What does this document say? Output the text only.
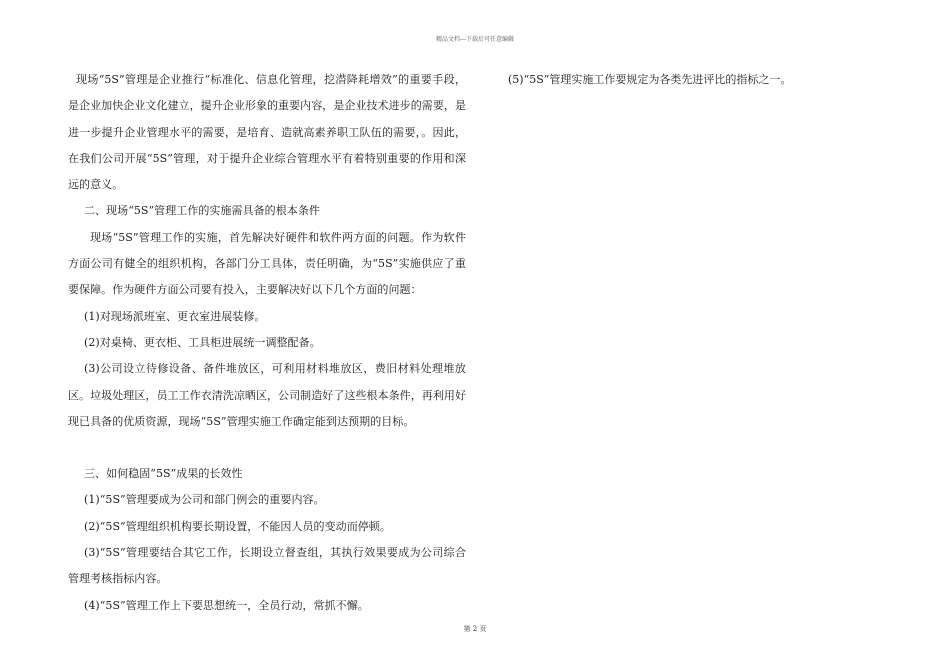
精品文档---下载后可任意编辑

现场“5S”管理是企业推行“标准化、信息化管理，挖潜降耗增效”的重要手段，是企业加快企业文化建立，提升企业形象的重要内容，是企业技术进步的需要，是进一步提升企业管理水平的需要，是培育、造就高素养职工队伍的需要，。因此，在我们公司开展“5S”管理，对于提升企业综合管理水平有着特别重要的作用和深远的意义。

二、现场“5S”管理工作的实施需具备的根本条件

现场“5S”管理工作的实施，首先解决好硬件和软件两方面的问题。作为软件方面公司有健全的组织机构，各部门分工具体，责任明确，为“5S”实施供应了重要保障。作为硬件方面公司要有投入，主要解决好以下几个方面的问题：

(1)对现场派班室、更衣室进展装修。

(2)对桌椅、更衣柜、工具柜进展统一调整配备。

(3)公司设立待修设备、备件堆放区，可利用材料堆放区，费旧材料处理堆放区。垃圾处理区，员工工作衣清洗凉晒区，公司制造好了这些根本条件，再利用好现已具备的优质资源，现场“5S”管理实施工作确定能到达预期的目标。

三、如何稳固“5S”成果的长效性

(1)“5S”管理要成为公司和部门例会的重要内容。

(2)“5S”管理组织机构要长期设置，不能因人员的变动而停顿。

(3)“5S”管理要结合其它工作，长期设立督查组，其执行效果要成为公司综合管理考核指标内容。

(4)“5S”管理工作上下要思想统一，全员行动，常抓不懈。

(5)“5S”管理实施工作要规定为各类先进评比的指标之一。

第 2 页
